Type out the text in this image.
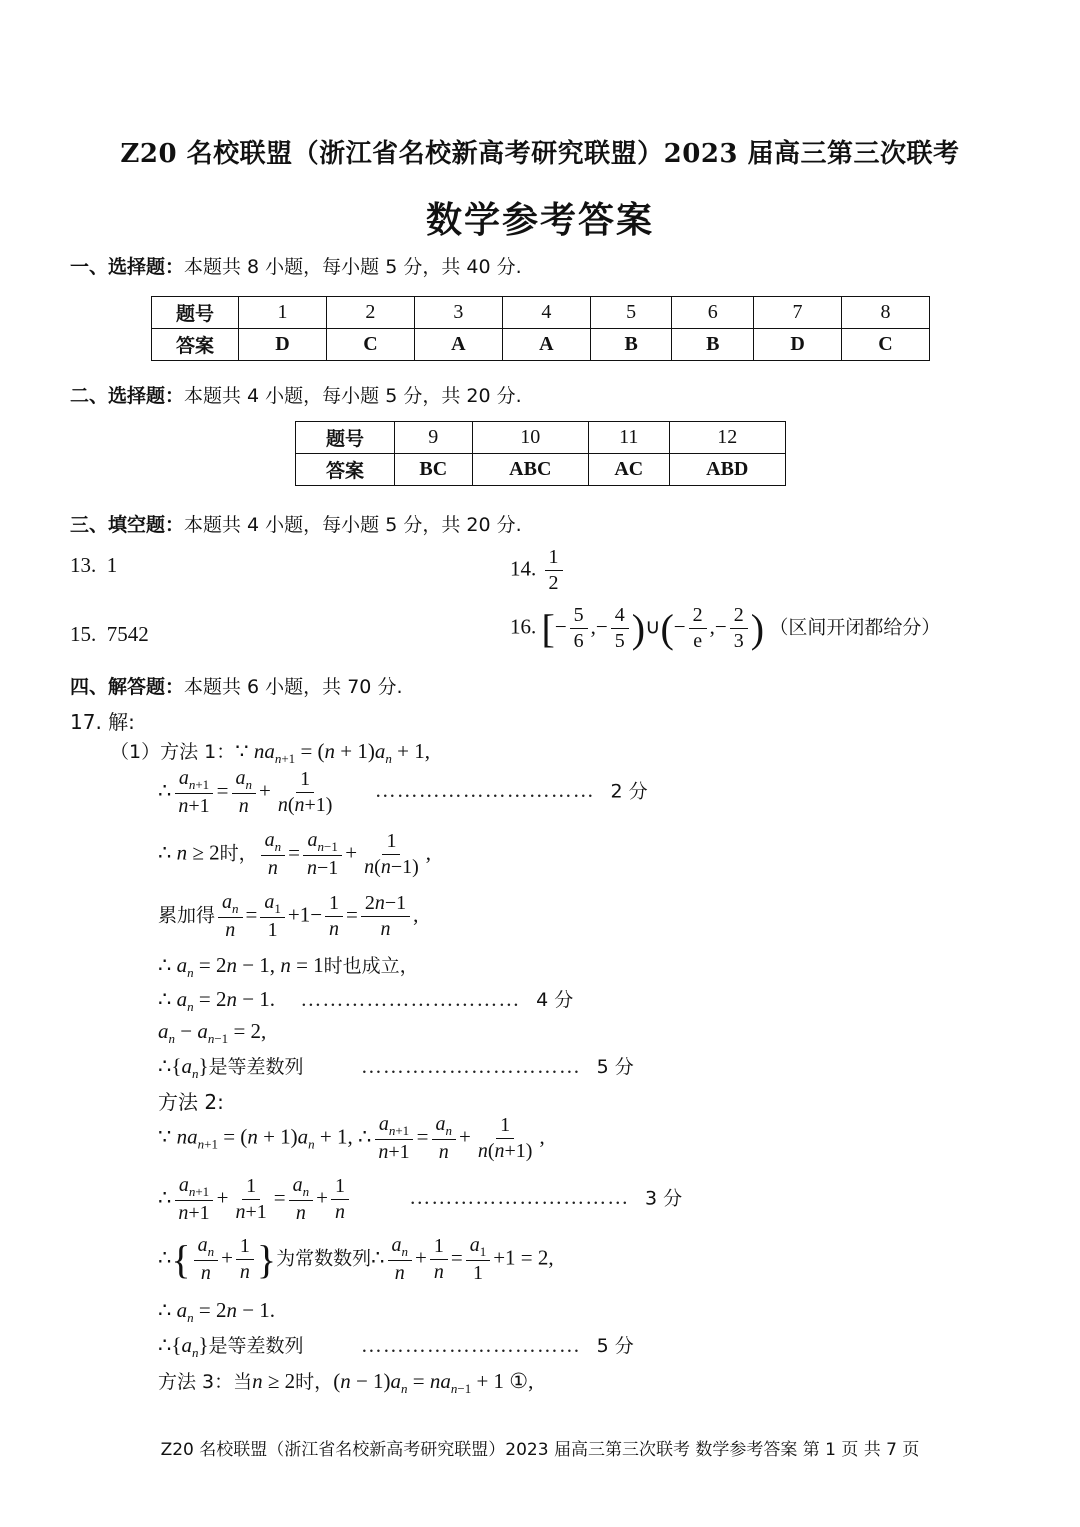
Z20 名校联盟（浙江省名校新高考研究联盟）2023 届高三第三次联考
数学参考答案
一、选择题：本题共 8 小题，每小题 5 分，共 40 分.
题号	1	2	3	4	5	6	7	8
答案	D	C	A	A	B	B	D	C
二、选择题：本题共 4 小题，每小题 5 分，共 20 分.
题号	9	10	11	12
答案	BC	ABC	AC	ABD
三、填空题：本题共 4 小题，每小题 5 分，共 20 分.
13. 1	14. $\frac{1}{2}$
15. 7542	16. [− $\frac{5}{6}$ ,− $\frac{4}{5}$ )∪(− $\frac{2}{e}$ ,− $\frac{2}{3}$ ) （区间开闭都给分）
四、解答题：本题共 6 小题，共 70 分.
17. 解:
（1）方法 1：∵ $na_{n+1} = (n + 1)a_n + 1$,
∴ $\frac{a_{n+1}}{n+1} = \frac{a_n}{n} + \frac{1}{n(n+1)}$ ………………………… 2 分
∴ n ≥ 2时， $\frac{a_n}{n} = \frac{a_{n-1}}{n-1} + \frac{1}{n(n-1)}$ ,
累加得 $\frac{a_n}{n} = \frac{a_1}{1} +1- \frac{1}{n} = \frac{2n-1}{n}$ ,
∴ $a_n = 2n - 1$, n = 1时也成立，
∴ $a_n = 2n - 1$. ………………………… 4 分
$a_n - a_{n-1} = 2$,
$\therefore\{a_n\}$是等差数列	………………………… 5 分
方法 2:
∵ $na_{n+1} = (n + 1)a_n + 1$, ∴ $\frac{a_{n+1}}{n+1} = \frac{a_n}{n} + \frac{1}{n(n+1)}$ ,
∴ $\frac{a_{n+1}}{n+1} + \frac{1}{n+1} = \frac{a_n}{n} + \frac{1}{n}$	………………………… 3 分
∴{ $\frac{a_n}{n} + \frac{1}{n}$ }为常数数列∴ $\frac{a_n}{n} + \frac{1}{n} = \frac{a_1}{1} +1 = 2$,
∴ $a_n = 2n - 1$.
$\therefore\{a_n\}$是等差数列	………………………… 5 分
方法 3：当n ≥ 2时，$(n - 1)a_n = na_{n-1} + 1$ ①,
Z20 名校联盟（浙江省名校新高考研究联盟）2023 届高三第三次联考 数学参考答案 第 1 页 共 7 页
